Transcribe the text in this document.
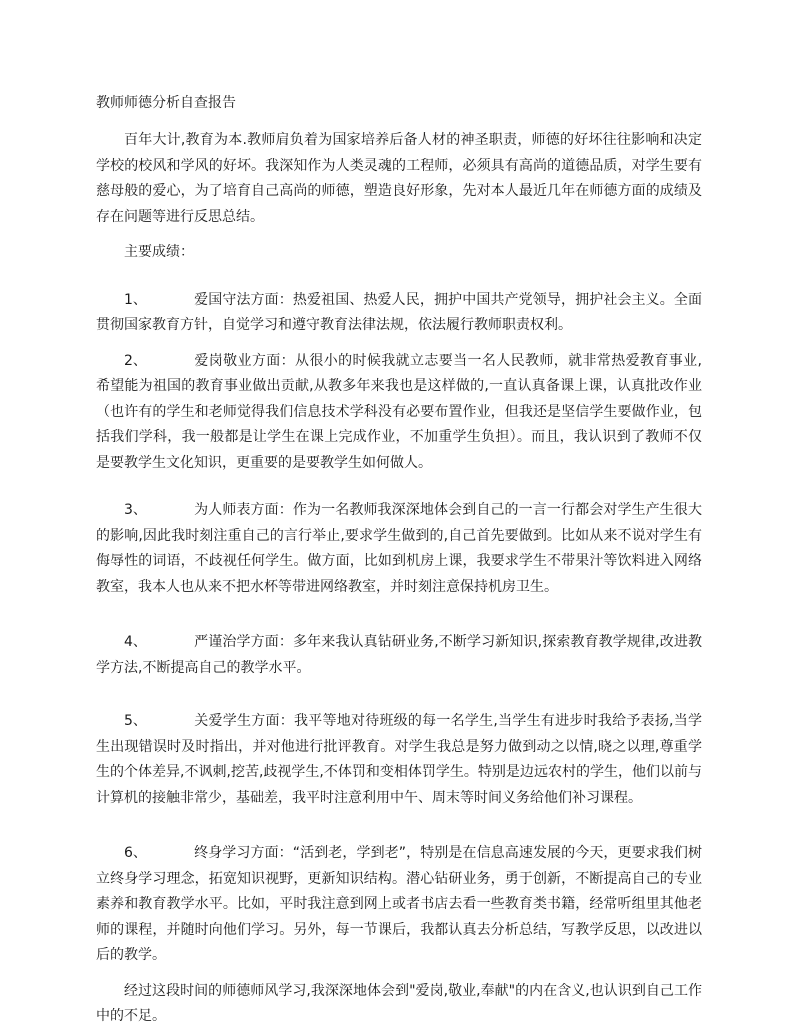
教师师德分析自查报告
百年大计,教育为本.教师肩负着为国家培养后备人材的神圣职责，师德的好坏往往影响和决定学校的校风和学风的好坏。我深知作为人类灵魂的工程师，必须具有高尚的道德品质，对学生要有慈母般的爱心，为了培育自己高尚的师德，塑造良好形象，先对本人最近几年在师德方面的成绩及存在问题等进行反思总结。
主要成绩：
1、	爱国守法方面：热爱祖国、热爱人民，拥护中国共产党领导，拥护社会主义。全面贯彻国家教育方针，自觉学习和遵守教育法律法规，依法履行教师职责权利。
2、	爱岗敬业方面：从很小的时候我就立志要当一名人民教师，就非常热爱教育事业,希望能为祖国的教育事业做出贡献,从教多年来我也是这样做的,一直认真备课上课，认真批改作业（也许有的学生和老师觉得我们信息技术学科没有必要布置作业，但我还是坚信学生要做作业，包括我们学科，我一般都是让学生在课上完成作业，不加重学生负担）。而且，我认识到了教师不仅是要教学生文化知识，更重要的是要教学生如何做人。
3、	为人师表方面：作为一名教师我深深地体会到自己的一言一行都会对学生产生很大的影响,因此我时刻注重自己的言行举止,要求学生做到的,自己首先要做到。比如从来不说对学生有侮辱性的词语，不歧视任何学生。做方面，比如到机房上课，我要求学生不带果汁等饮料进入网络教室，我本人也从来不把水杯等带进网络教室，并时刻注意保持机房卫生。
4、	严谨治学方面：多年来我认真钻研业务,不断学习新知识,探索教育教学规律,改进教学方法,不断提高自己的教学水平。
5、	关爱学生方面：我平等地对待班级的每一名学生,当学生有进步时我给予表扬,当学生出现错误时及时指出，并对他进行批评教育。对学生我总是努力做到动之以情,晓之以理,尊重学生的个体差异,不讽刺,挖苦,歧视学生,不体罚和变相体罚学生。特别是边远农村的学生，他们以前与计算机的接触非常少，基础差，我平时注意利用中午、周末等时间义务给他们补习课程。
6、	终身学习方面：“活到老，学到老”，特别是在信息高速发展的今天，更要求我们树立终身学习理念，拓宽知识视野，更新知识结构。潜心钻研业务，勇于创新，不断提高自己的专业素养和教育教学水平。比如，平时我注意到网上或者书店去看一些教育类书籍，经常听组里其他老师的课程，并随时向他们学习。另外，每一节课后，我都认真去分析总结，写教学反思，以改进以后的教学。
经过这段时间的师德师风学习,我深深地体会到"爱岗,敬业,奉献"的内在含义,也认识到自己工作中的不足。
